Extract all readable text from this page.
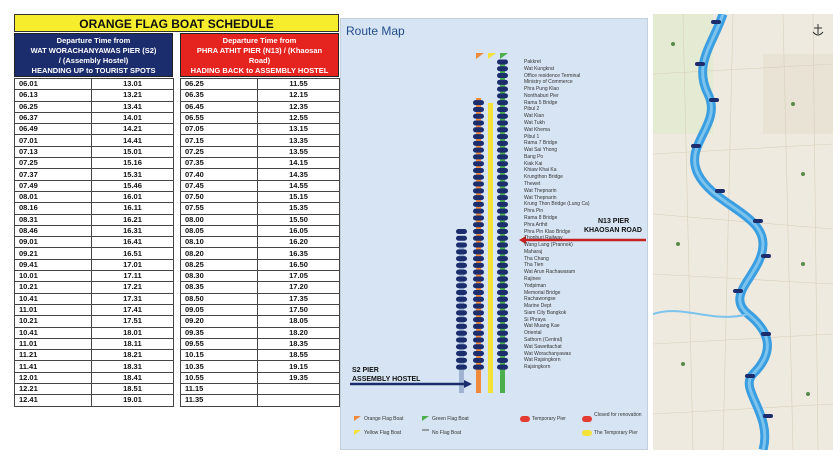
ORANGE FLAG BOAT SCHEDULE
Departure Time from
WAT WORACHANYAWAS PIER (S2)
/ (Assembly Hostel)
HEANDING UP to TOURIST SPOTS
Departure Time from
PHRA ATHIT PIER (N13) / (Khaosan
Road)
HADING BACK to ASSEMBLY HOSTEL
06.01	13.01
06.13	13.21
06.25	13.41
06.37	14.01
06.49	14.21
07.01	14.41
07.13	15.01
07.25	15.16
07.37	15.31
07.49	15.46
08.01	16.01
08.16	16.11
08.31	16.21
08.46	16.31
09.01	16.41
09.21	16.51
09.41	17.01
10.01	17.11
10.21	17.21
10.41	17.31
11.01	17.41
10.21	17.51
10.41	18.01
11.01	18.11
11.21	18.21
11.41	18.31
12.01	18.41
12.21	18.51
12.41	19.01
06.25	11.55
06.35	12.15
06.45	12.35
06.55	12.55
07.05	13.15
07.15	13.35
07.25	13.55
07.35	14.15
07.40	14.35
07.45	14.55
07.50	15.15
07.55	15.35
08.00	15.50
08.05	16.05
08.10	16.20
08.20	16.35
08.25	16.50
08.30	17.05
08.35	17.20
08.50	17.35
09.05	17.50
09.20	18.05
09.35	18.20
09.55	18.35
10.15	18.55
10.35	19.15
10.55	19.35
11.15	
11.35	
Route Map
Pakkret
Wat Kungkrat
Office residence Terminal
Ministry of Commerce
Phra Pung Klao
Nonthaburi Pier
Rama 5 Bridge
Pibul 2
Wat Kian
Wat Tukh
Wat Khema
Pibul 1
Rama 7 Bridge
Wat Sai Yhong
Bang Po
Kiak Kai
Khiaw Khai Ka
Krungthon Bridge
Thewet
Wat Thepnarin
Wat Thepnarin
Krung Thon Bridge (Lung Ca)
Phra Pin
Rama 8 Bridge
Phra Arthit
Phra Pin Klao Bridge
Thonburi Railway
Wang Lang (Prannok)
Maharaj
Tha Chang
Tha Tien
Wat Arun Rachawaram
Rajinee
Yodpiman
Memorial Bridge
Rachawongse
Marine Dept
Siam City Bangkok
Si Phraya
Wat Muang Kae
Oriental
Sathorn (Central)
Wat Sawettachat
Wat Worachanyawas
Wat Rajsingkorn
Rajsingkorn
N13 PIER
KHAOSAN ROAD
S2 PIER
ASSEMBLY HOSTEL
Orange Flag Boat
Yellow Flag Boat
Green Flag Boat
No Flag Boat
Temporary Pier
Closed for renovation
The Temporary Pier
